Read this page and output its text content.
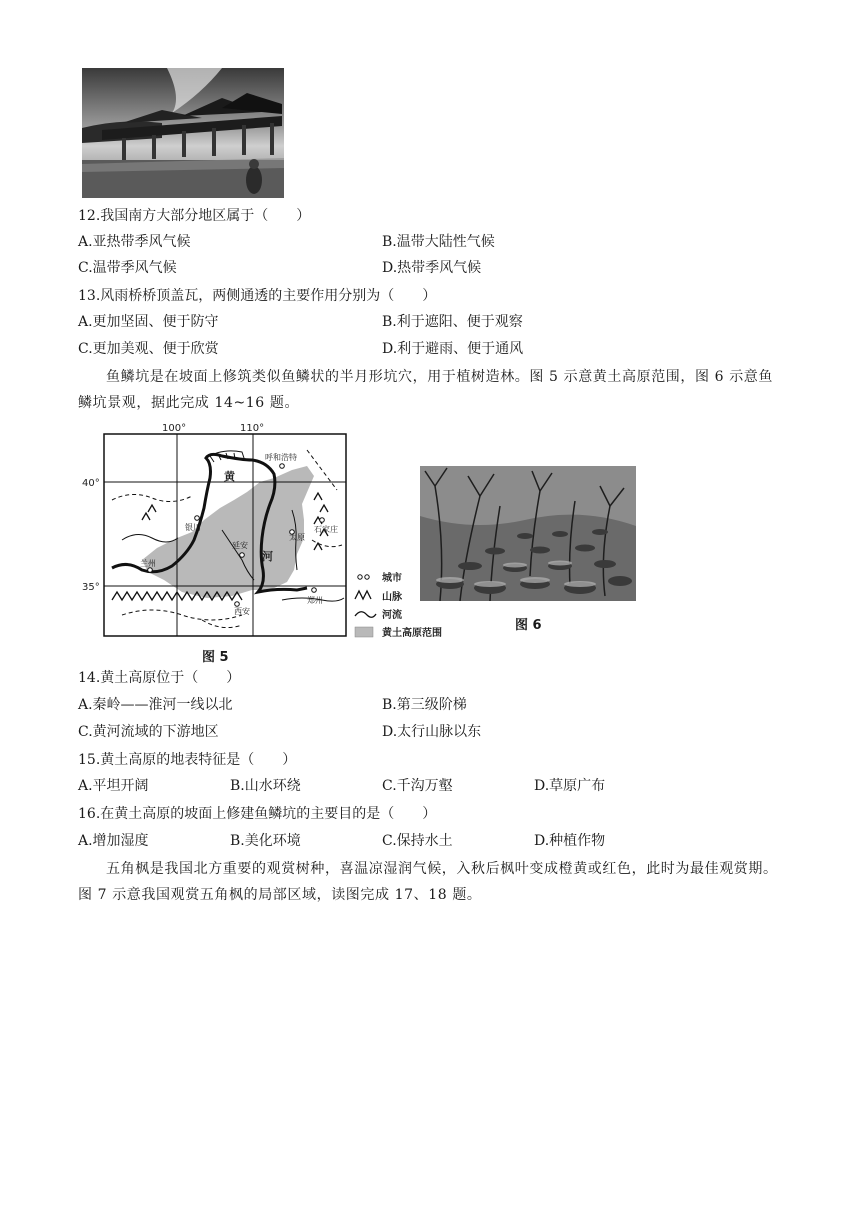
12.我国南方大部分地区属于（　　）
A.亚热带季风气候	B.温带大陆性气候
C.温带季风气候	D.热带季风气候
13.风雨桥桥顶盖瓦，两侧通透的主要作用分别为（　　）
A.更加坚固、便于防守	B.利于遮阳、便于观察
C.更加美观、便于欣赏	D.利于避雨、便于通风
鱼鳞坑是在坡面上修筑类似鱼鳞状的半月形坑穴，用于植树造林。图 5 示意黄土高原范围，图 6 示意鱼鳞坑景观，据此完成 14~16 题。
100°	110°
40°
35°
黄
河
呼和浩特
银川
兰州
延安
太原
石家庄
西安
郑州
城市
山脉
河流
黄土高原范围
图 5
图 6
14.黄土高原位于（　　）
A.秦岭——淮河一线以北	B.第三级阶梯
C.黄河流域的下游地区	D.太行山脉以东
15.黄土高原的地表特征是（　　）
A.平坦开阔	B.山水环绕	C.千沟万壑	D.草原广布
16.在黄土高原的坡面上修建鱼鳞坑的主要目的是（　　）
A.增加湿度	B.美化环境	C.保持水土	D.种植作物
五角枫是我国北方重要的观赏树种，喜温凉湿润气候，入秋后枫叶变成橙黄或红色，此时为最佳观赏期。图 7 示意我国观赏五角枫的局部区域，读图完成 17、18 题。
